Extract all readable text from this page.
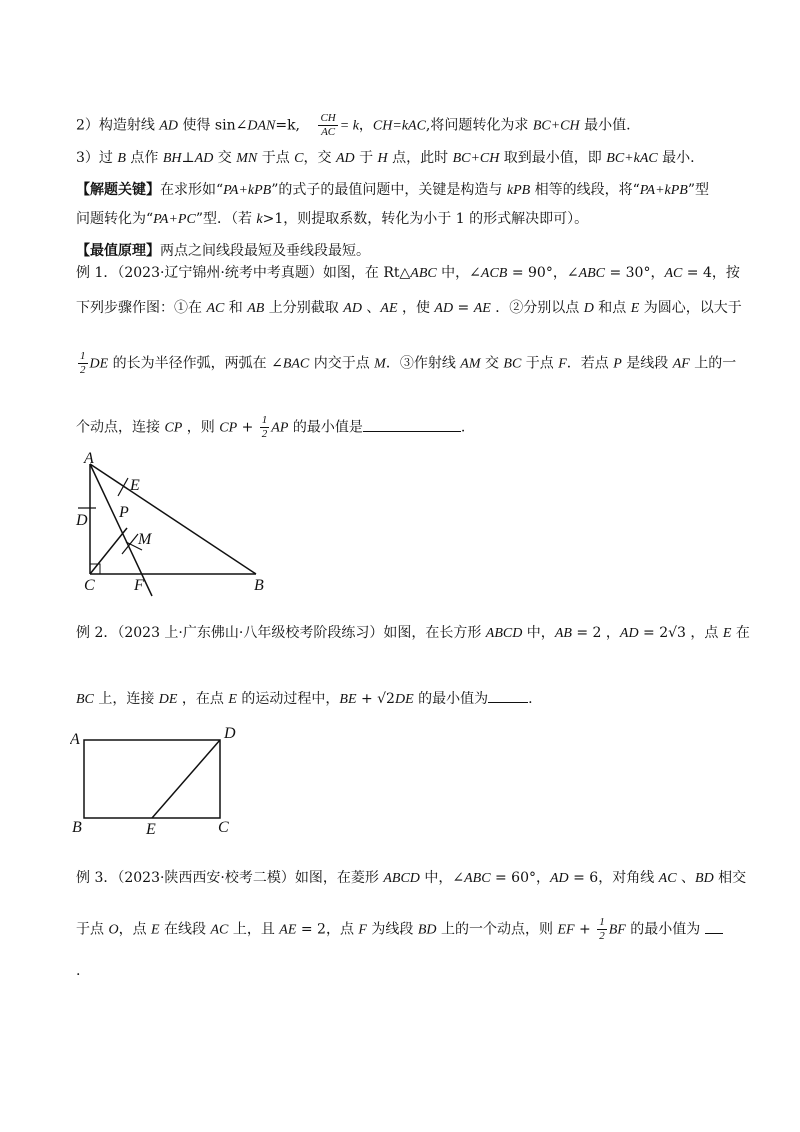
2）构造射线 AD 使得 sin∠DAN=k, $\frac{CH}{AC} = k$，CH=kAC,将问题转化为求 BC+CH 最小值.
3）过 B 点作 BH⊥AD 交 MN 于点 C，交 AD 于 H 点，此时 BC+CH 取到最小值，即 BC+kAC 最小.
【解题关键】在求形如“PA+kPB”的式子的最值问题中，关键是构造与 kPB 相等的线段，将“PA+kPB”型
问题转化为“PA+PC”型．（若 k>1，则提取系数，转化为小于 1 的形式解决即可）。
【最值原理】两点之间线段最短及垂线段最短。
例 1．（2023·辽宁锦州·统考中考真题）如图，在 Rt△ABC 中，∠ACB = 90°，∠ABC = 30°，AC = 4，按
下列步骤作图：①在 AC 和 AB 上分别截取 AD 、AE ，使 AD = AE ．②分别以点 D 和点 E 为圆心，以大于
$\frac{1}{2}$ DE 的长为半径作弧，两弧在 ∠BAC 内交于点 M．③作射线 AM 交 BC 于点 F．若点 P 是线段 AF 上的一
个动点，连接 CP ，则 CP + $\frac{1}{2}$ AP 的最小值是	.
A
E
D P
M
C F	B
例 2．（2023 上·广东佛山·八年级校考阶段练习）如图，在长方形 ABCD 中，AB = 2 ，AD = 2√3 ，点 E 在
BC 上，连接 DE ，在点 E 的运动过程中，BE + √2DE 的最小值为	.
A	D
B	E	C
例 3．（2023·陕西西安·校考二模）如图，在菱形 ABCD 中，∠ABC = 60°，AD = 6，对角线 AC 、BD 相交
于点 O，点 E 在线段 AC 上，且 AE = 2，点 F 为线段 BD 上的一个动点，则 EF + $\frac{1}{2}$ BF 的最小值为
.
